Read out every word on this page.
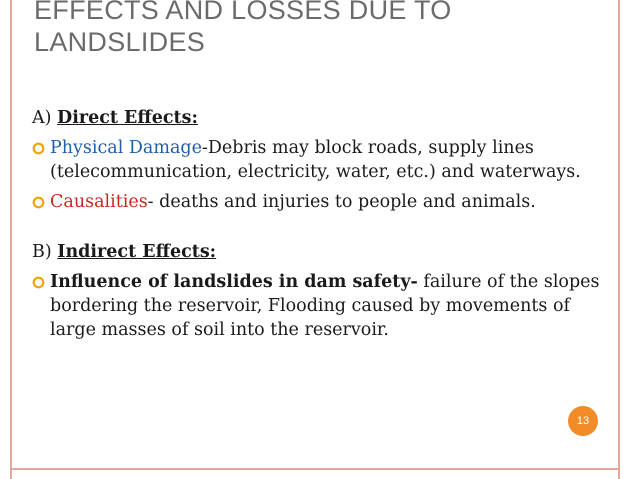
EFFECTS AND LOSSES DUE TO
LANDSLIDES
A) Direct Effects:
Physical Damage-Debris may block roads, supply lines (telecommunication, electricity, water, etc.) and waterways.
Causalities- deaths and injuries to people and animals.
B) Indirect Effects:
Influence of landslides in dam safety- failure of the slopes bordering the reservoir, Flooding caused by movements of large masses of soil into the reservoir.
13
